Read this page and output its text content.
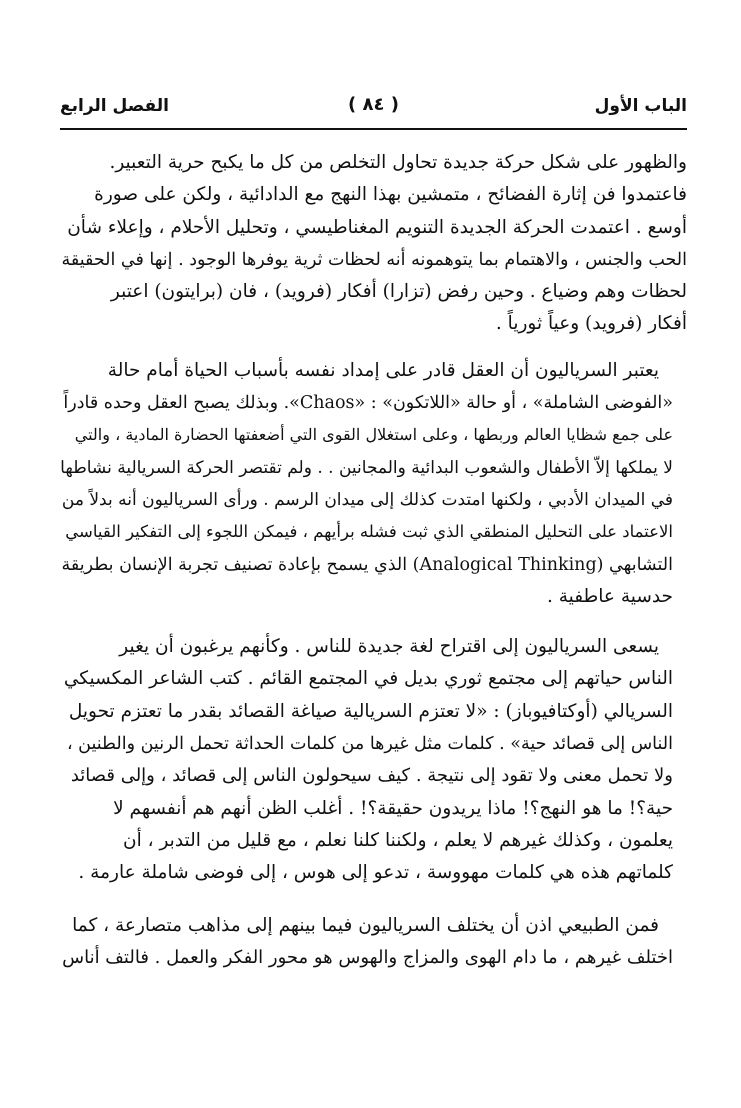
الباب الأول
( ٨٤ )
الفصل الرابع
والظهور على شكل حركة جديدة تحاول التخلص من كل ما يكبح حرية التعبير.
فاعتمدوا فن إثارة الفضائح ، متمشين بهذا النهج مع الدادائية ، ولكن على صورة
أوسع . اعتمدت الحركة الجديدة التنويم المغناطيسي ، وتحليل الأحلام ، وإعلاء شأن
الحب والجنس ، والاهتمام بما يتوهمونه أنه لحظات ثرية يوفرها الوجود . إنها في الحقيقة
لحظات وهم وضياع . وحين رفض (تزارا) أفكار (فرويد) ، فان (برايتون) اعتبر
أفكار (فرويد) وعياً ثورياً .
يعتبر السرياليون أن العقل قادر على إمداد نفسه بأسباب الحياة أمام حالة
«الفوضى الشاملة» ، أو حالة «اللاتكون» : «Chaos». وبذلك يصبح العقل وحده قادراً
على جمع شظايا العالم وربطها ، وعلى استغلال القوى التي أضعفتها الحضارة المادية ، والتي
لا يملكها إلاّ الأطفال والشعوب البدائية والمجانين . . ولم تقتصر الحركة السريالية نشاطها
في الميدان الأدبي ، ولكنها امتدت كذلك إلى ميدان الرسم . ورأى السرياليون أنه بدلاً من
الاعتماد على التحليل المنطقي الذي ثبت فشله برأيهم ، فيمكن اللجوء إلى التفكير القياسي
التشابهي (Analogical Thinking) الذي يسمح بإعادة تصنيف تجربة الإنسان بطريقة
حدسية عاطفية .
يسعى السرياليون إلى اقتراح لغة جديدة للناس . وكأنهم يرغبون أن يغير
الناس حياتهم إلى مجتمع ثوري بديل في المجتمع القائم . كتب الشاعر المكسيكي
السريالي (أوكتافيوباز) : «لا تعتزم السريالية صياغة القصائد بقدر ما تعتزم تحويل
الناس إلى قصائد حية» . كلمات مثل غيرها من كلمات الحداثة تحمل الرنين والطنين ،
ولا تحمل معنى ولا تقود إلى نتيجة . كيف سيحولون الناس إلى قصائد ، وإلى قصائد
حية؟! ما هو النهج؟! ماذا يريدون حقيقة؟! . أغلب الظن أنهم هم أنفسهم لا
يعلمون ، وكذلك غيرهم لا يعلم ، ولكننا كلنا نعلم ، مع قليل من التدبر ، أن
كلماتهم هذه هي كلمات مهووسة ، تدعو إلى هوس ، إلى فوضى شاملة عارمة .
فمن الطبيعي اذن أن يختلف السرياليون فيما بينهم إلى مذاهب متصارعة ، كما
اختلف غيرهم ، ما دام الهوى والمزاج والهوس هو محور الفكر والعمل . فالتف أناس
